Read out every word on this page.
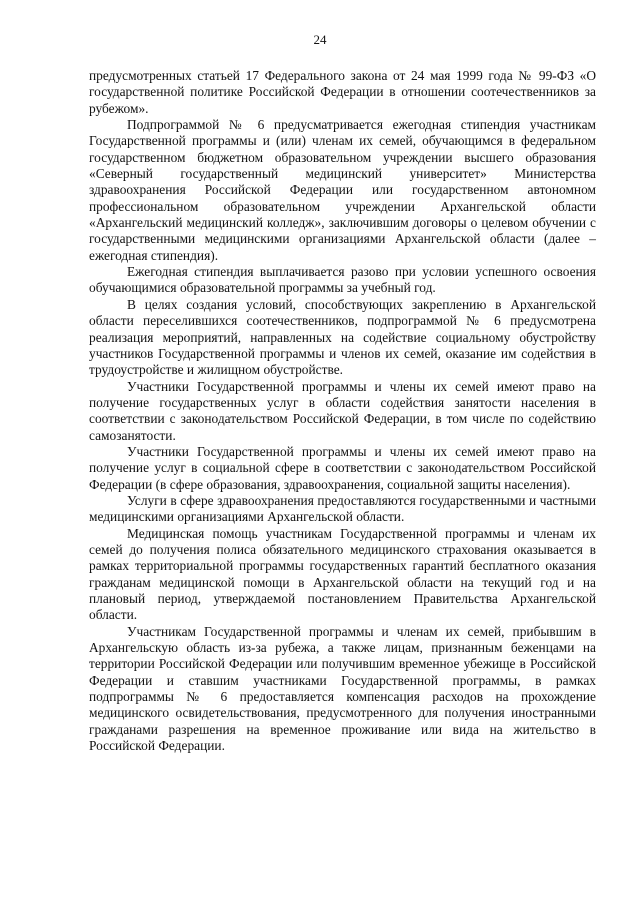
24

предусмотренных статьей 17 Федерального закона от 24 мая 1999 года № 99-ФЗ «О государственной политике Российской Федерации в отношении соотечественников за рубежом».

Подпрограммой № 6 предусматривается ежегодная стипендия участникам Государственной программы и (или) членам их семей, обучающимся в федеральном государственном бюджетном образовательном учреждении высшего образования «Северный государственный медицинский университет» Министерства здравоохранения Российской Федерации или государственном автономном профессиональном образовательном учреждении Архангельской области «Архангельский медицинский колледж», заключившим договоры о целевом обучении с государственными медицинскими организациями Архангельской области (далее – ежегодная стипендия).

Ежегодная стипендия выплачивается разово при условии успешного освоения обучающимися образовательной программы за учебный год.

В целях создания условий, способствующих закреплению в Архангельской области переселившихся соотечественников, подпрограммой № 6 предусмотрена реализация мероприятий, направленных на содействие социальному обустройству участников Государственной программы и членов их семей, оказание им содействия в трудоустройстве и жилищном обустройстве.

Участники Государственной программы и члены их семей имеют право на получение государственных услуг в области содействия занятости населения в соответствии с законодательством Российской Федерации, в том числе по содействию самозанятости.

Участники Государственной программы и члены их семей имеют право на получение услуг в социальной сфере в соответствии с законодательством Российской Федерации (в сфере образования, здравоохранения, социальной защиты населения).

Услуги в сфере здравоохранения предоставляются государственными и частными медицинскими организациями Архангельской области.

Медицинская помощь участникам Государственной программы и членам их семей до получения полиса обязательного медицинского страхования оказывается в рамках территориальной программы государственных гарантий бесплатного оказания гражданам медицинской помощи в Архангельской области на текущий год и на плановый период, утверждаемой постановлением Правительства Архангельской области.

Участникам Государственной программы и членам их семей, прибывшим в Архангельскую область из-за рубежа, а также лицам, признанным беженцами на территории Российской Федерации или получившим временное убежище в Российской Федерации и ставшим участниками Государственной программы, в рамках подпрограммы № 6 предоставляется компенсация расходов на прохождение медицинского освидетельствования, предусмотренного для получения иностранными гражданами разрешения на временное проживание или вида на жительство в Российской Федерации.
